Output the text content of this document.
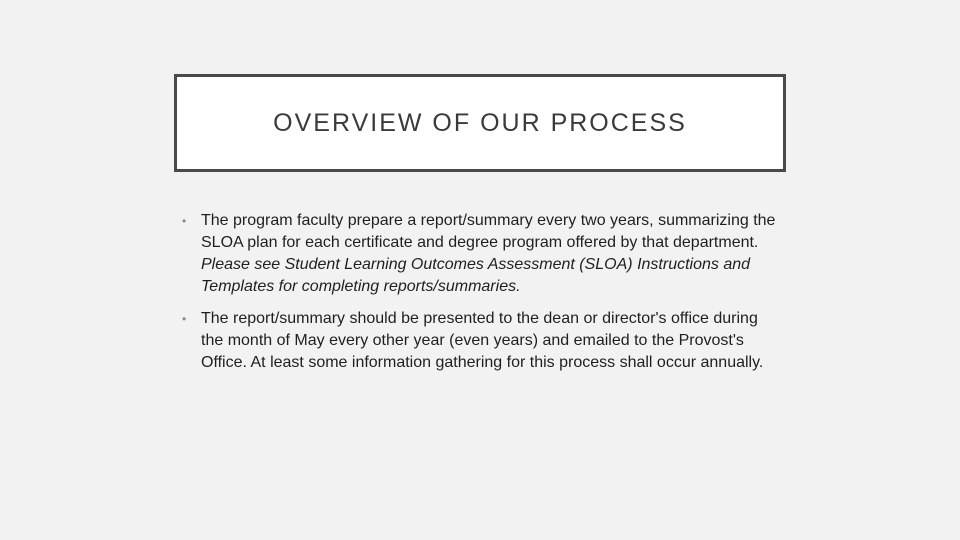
OVERVIEW OF OUR PROCESS
• The program faculty prepare a report/summary every two years, summarizing the SLOA plan for each certificate and degree program offered by that department. Please see Student Learning Outcomes Assessment (SLOA) Instructions and Templates for completing reports/summaries.
• The report/summary should be presented to the dean or director's office during the month of May every other year (even years) and emailed to the Provost's Office. At least some information gathering for this process shall occur annually.
